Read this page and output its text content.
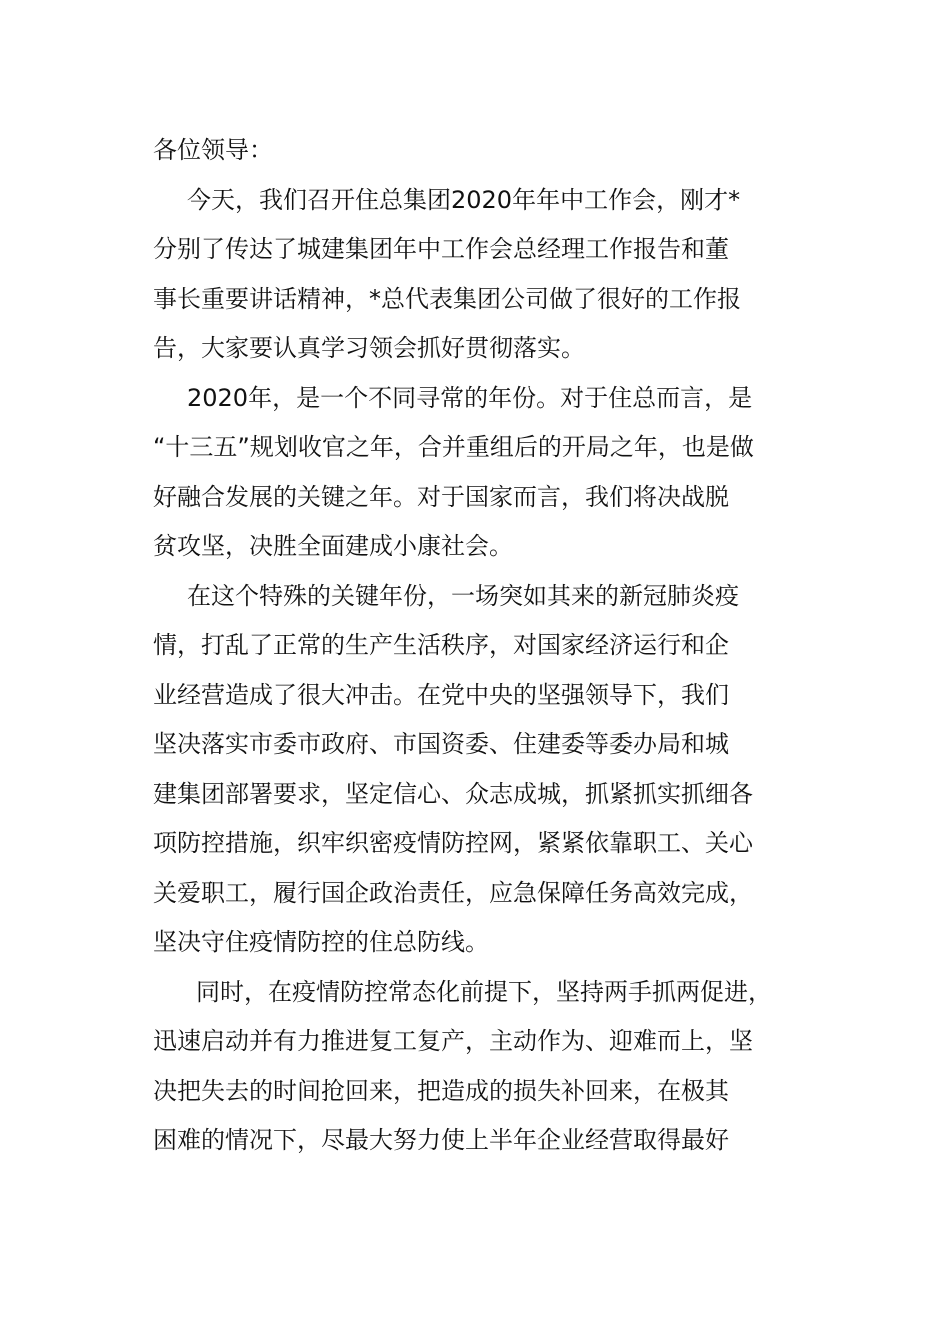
各位领导：
今天，我们召开住总集团2020年年中工作会，刚才*
分别了传达了城建集团年中工作会总经理工作报告和董
事长重要讲话精神，*总代表集团公司做了很好的工作报
告，大家要认真学习领会抓好贯彻落实。
2020年，是一个不同寻常的年份。对于住总而言，是
“十三五”规划收官之年，合并重组后的开局之年，也是做
好融合发展的关键之年。对于国家而言，我们将决战脱
贫攻坚，决胜全面建成小康社会。
在这个特殊的关键年份，一场突如其来的新冠肺炎疫
情，打乱了正常的生产生活秩序，对国家经济运行和企
业经营造成了很大冲击。在党中央的坚强领导下，我们
坚决落实市委市政府、市国资委、住建委等委办局和城
建集团部署要求，坚定信心、众志成城，抓紧抓实抓细各
项防控措施，织牢织密疫情防控网，紧紧依靠职工、关心
关爱职工，履行国企政治责任，应急保障任务高效完成，
坚决守住疫情防控的住总防线。
同时，在疫情防控常态化前提下，坚持两手抓两促进，
迅速启动并有力推进复工复产，主动作为、迎难而上，坚
决把失去的时间抢回来，把造成的损失补回来，在极其
困难的情况下，尽最大努力使上半年企业经营取得最好
